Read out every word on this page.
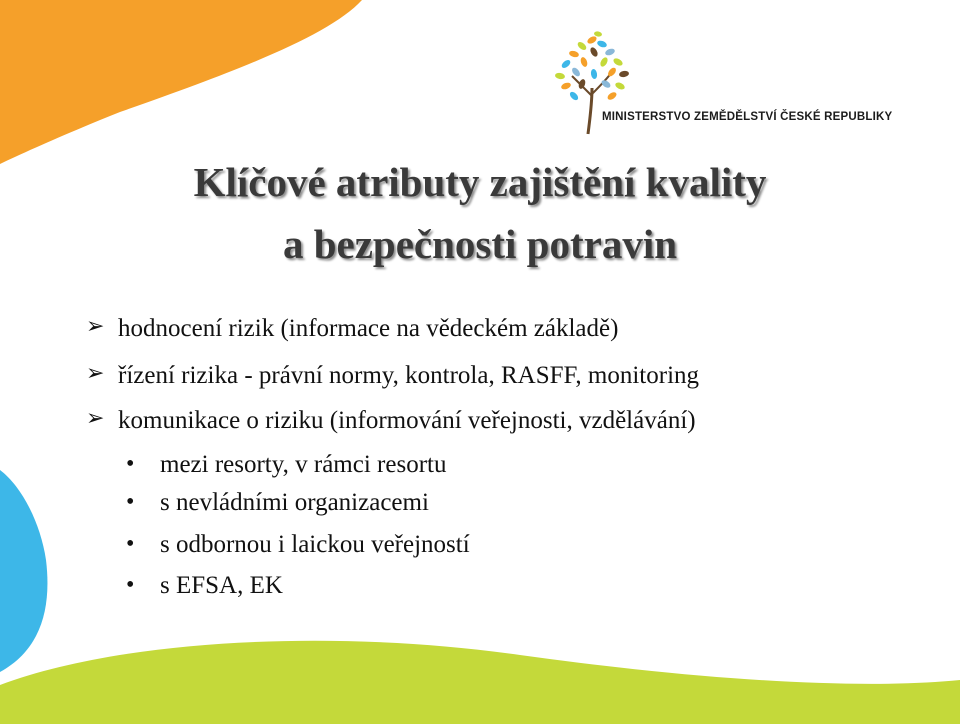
MINISTERSTVO ZEMĚDĚLSTVÍ ČESKÉ REPUBLIKY
Klíčové atributy zajištění kvality
a bezpečnosti potravin
➢ hodnocení rizik (informace na vědeckém základě)
➢ řízení rizika - právní normy, kontrola, RASFF, monitoring
➢ komunikace o riziku (informování veřejnosti, vzdělávání)
• mezi resorty, v rámci resortu
• s nevládními organizacemi
• s odbornou i laickou veřejností
• s EFSA, EK
